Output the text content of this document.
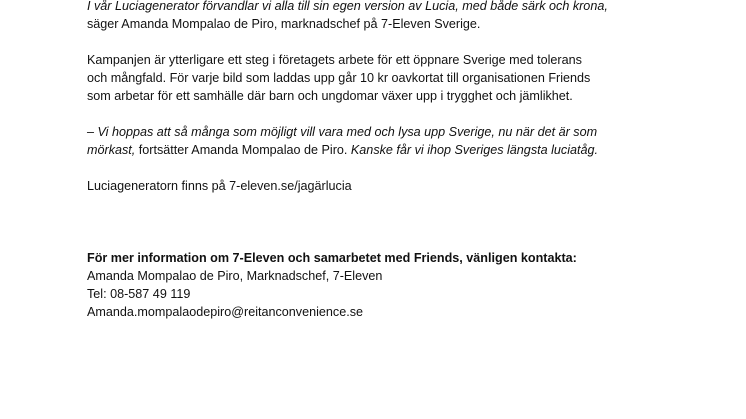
I vår Luciagenerator förvandlar vi alla till sin egen version av Lucia, med både särk och krona,
säger Amanda Mompalao de Piro, marknadschef på 7-Eleven Sverige.

Kampanjen är ytterligare ett steg i företagets arbete för ett öppnare Sverige med tolerans
och mångfald. För varje bild som laddas upp går 10 kr oavkortat till organisationen Friends
som arbetar för ett samhälle där barn och ungdomar växer upp i trygghet och jämlikhet.

– Vi hoppas att så många som möjligt vill vara med och lysa upp Sverige, nu när det är som
mörkast, fortsätter Amanda Mompalao de Piro. Kanske får vi ihop Sveriges längsta luciatåg.

Luciageneratorn finns på 7-eleven.se/jagärlucia

För mer information om 7-Eleven och samarbetet med Friends, vänligen kontakta:
Amanda Mompalao de Piro, Marknadschef, 7-Eleven
Tel: 08-587 49 119
Amanda.mompalaodepiro@reitanconvenience.se
